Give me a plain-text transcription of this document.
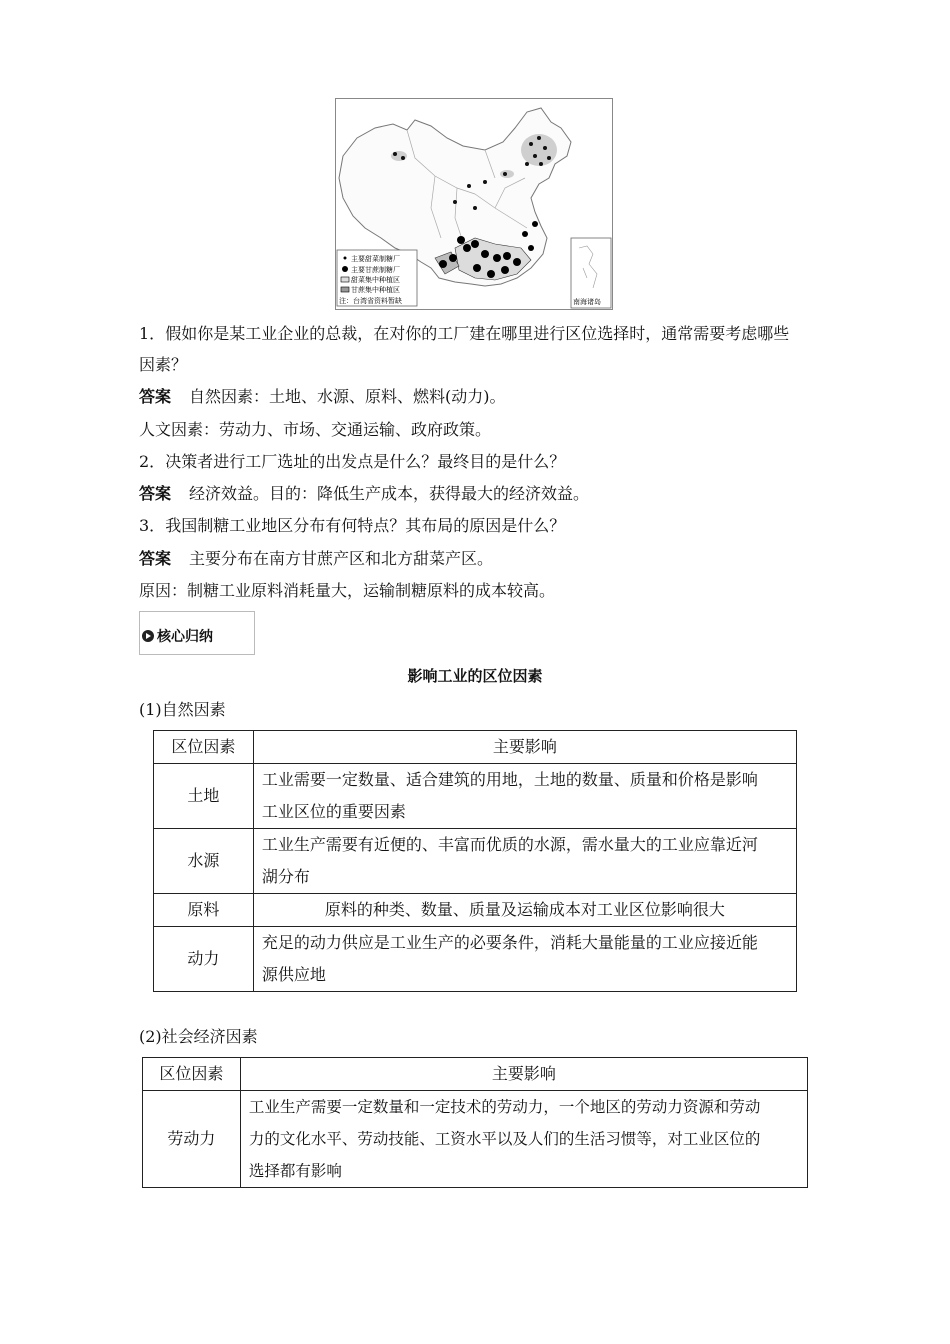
主要甜菜制糖厂
主要甘蔗制糖厂
甜菜集中种植区
甘蔗集中种植区
注：台湾省资料暂缺	南海诸岛
1．假如你是某工业企业的总裁，在对你的工厂建在哪里进行区位选择时，通常需要考虑哪些
因素？
答案 自然因素：土地、水源、原料、燃料(动力)。
人文因素：劳动力、市场、交通运输、政府政策。
2．决策者进行工厂选址的出发点是什么？最终目的是什么？
答案 经济效益。目的：降低生产成本，获得最大的经济效益。
3．我国制糖工业地区分布有何特点？其布局的原因是什么？
答案 主要分布在南方甘蔗产区和北方甜菜产区。
原因：制糖工业原料消耗量大，运输制糖原料的成本较高。
核心归纳
影响工业的区位因素
(1)自然因素
区位因素	主要影响
土地	工业需要一定数量、适合建筑的用地，土地的数量、质量和价格是影响
工业区位的重要因素

水源	工业生产需要有近便的、丰富而优质的水源，需水量大的工业应靠近河
湖分布

原料	原料的种类、数量、质量及运输成本对工业区位影响很大
动力	充足的动力供应是工业生产的必要条件，消耗大量能量的工业应接近能
源供应地
(2)社会经济因素
区位因素	主要影响
劳动力	工业生产需要一定数量和一定技术的劳动力，一个地区的劳动力资源和劳动
力的文化水平、劳动技能、工资水平以及人们的生活习惯等，对工业区位的
选择都有影响
